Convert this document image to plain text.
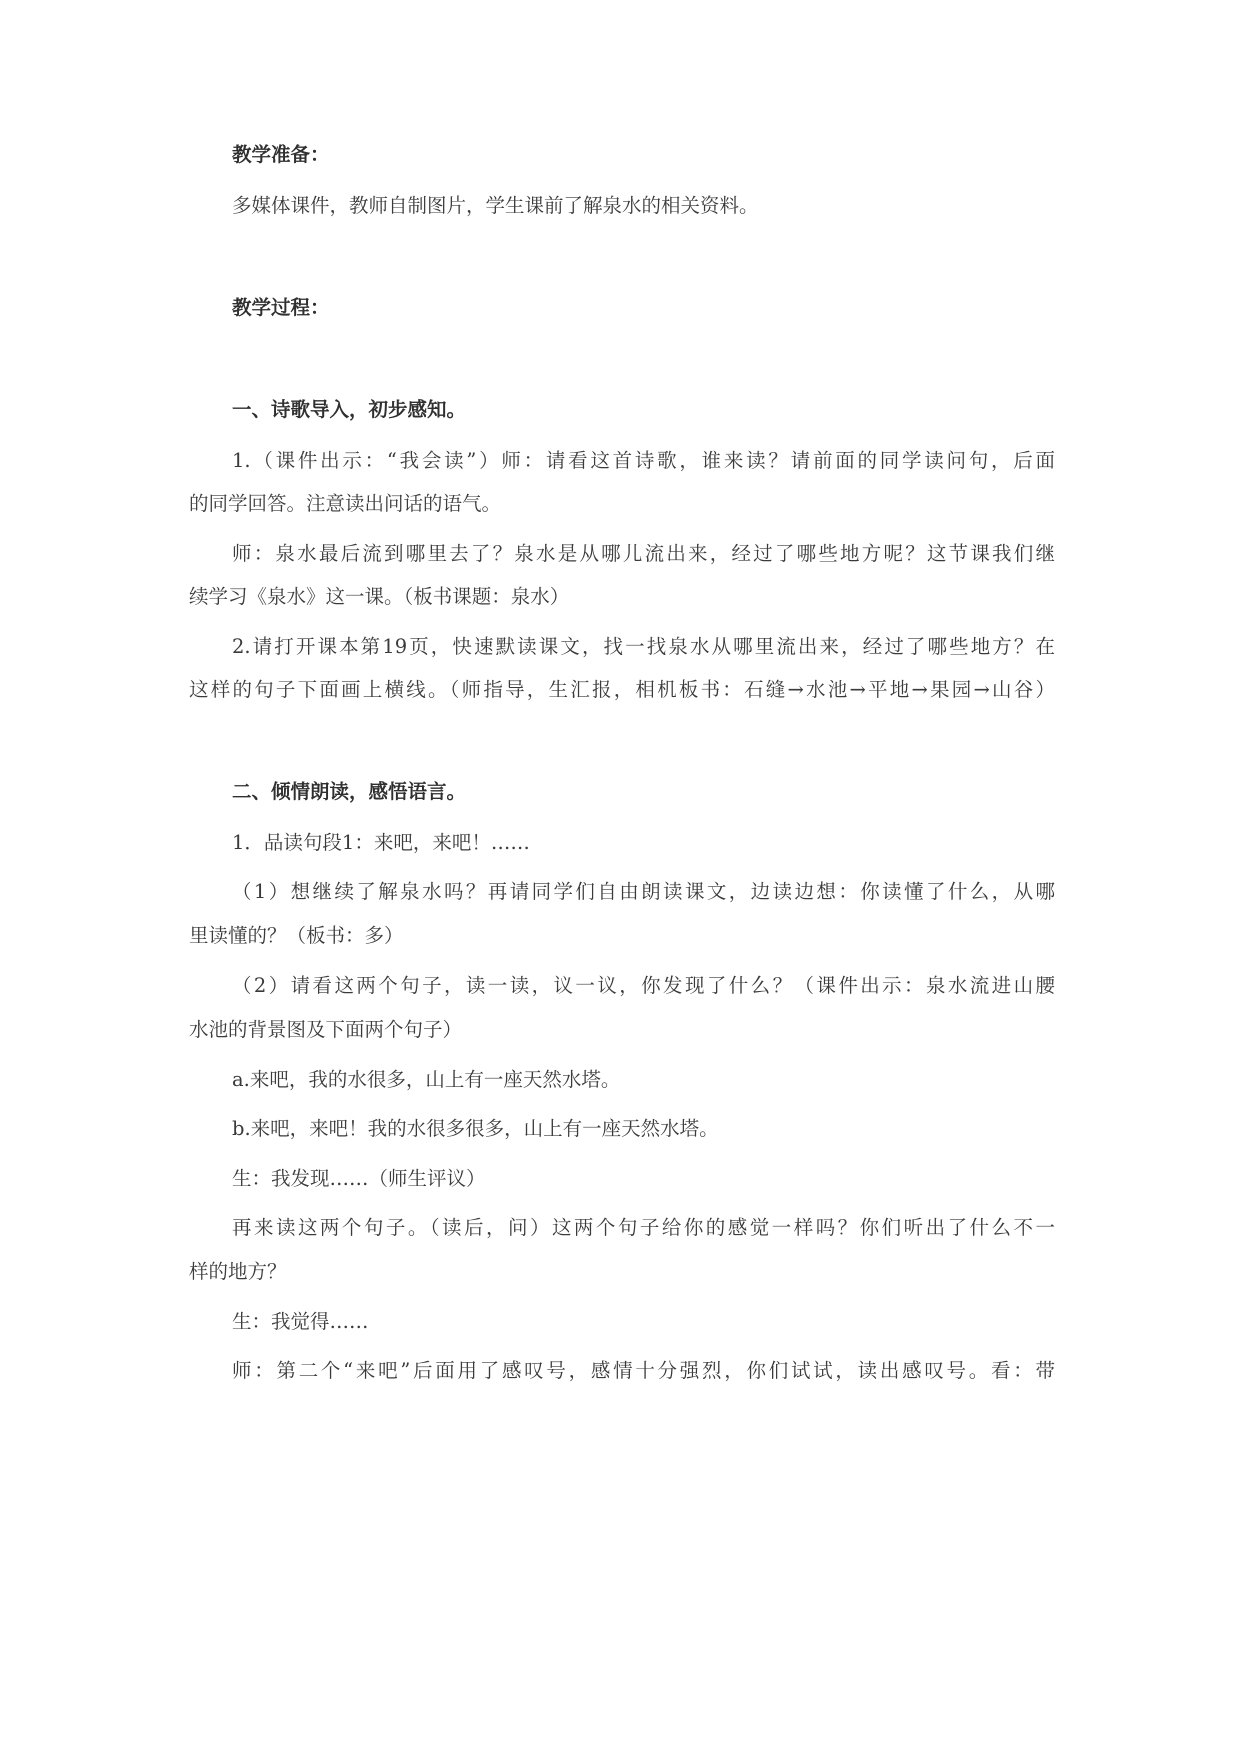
教学准备：

多媒体课件，教师自制图片，学生课前了解泉水的相关资料。

教学过程：

一、诗歌导入，初步感知。

1.（课件出示：“我会读”）师：请看这首诗歌，谁来读？请前面的同学读问句，后面

的同学回答。注意读出问话的语气。

师：泉水最后流到哪里去了？泉水是从哪儿流出来，经过了哪些地方呢？这节课我们继

续学习《泉水》这一课。（板书课题：泉水）

2.请打开课本第19页，快速默读课文，找一找泉水从哪里流出来，经过了哪些地方？在

这样的句子下面画上横线。（师指导，生汇报，相机板书：石缝→水池→平地→果园→山谷）

二、倾情朗读，感悟语言。

1．品读句段1：来吧，来吧！……

（1）想继续了解泉水吗？再请同学们自由朗读课文，边读边想：你读懂了什么，从哪

里读懂的？（板书：多）

（2）请看这两个句子，读一读，议一议，你发现了什么？（课件出示：泉水流进山腰

水池的背景图及下面两个句子）

a.来吧，我的水很多，山上有一座天然水塔。

b.来吧，来吧！我的水很多很多，山上有一座天然水塔。

生：我发现……（师生评议）

再来读这两个句子。（读后，问）这两个句子给你的感觉一样吗？你们听出了什么不一

样的地方？

生：我觉得……

师：第二个“来吧”后面用了感叹号，感情十分强烈，你们试试，读出感叹号。看：带
